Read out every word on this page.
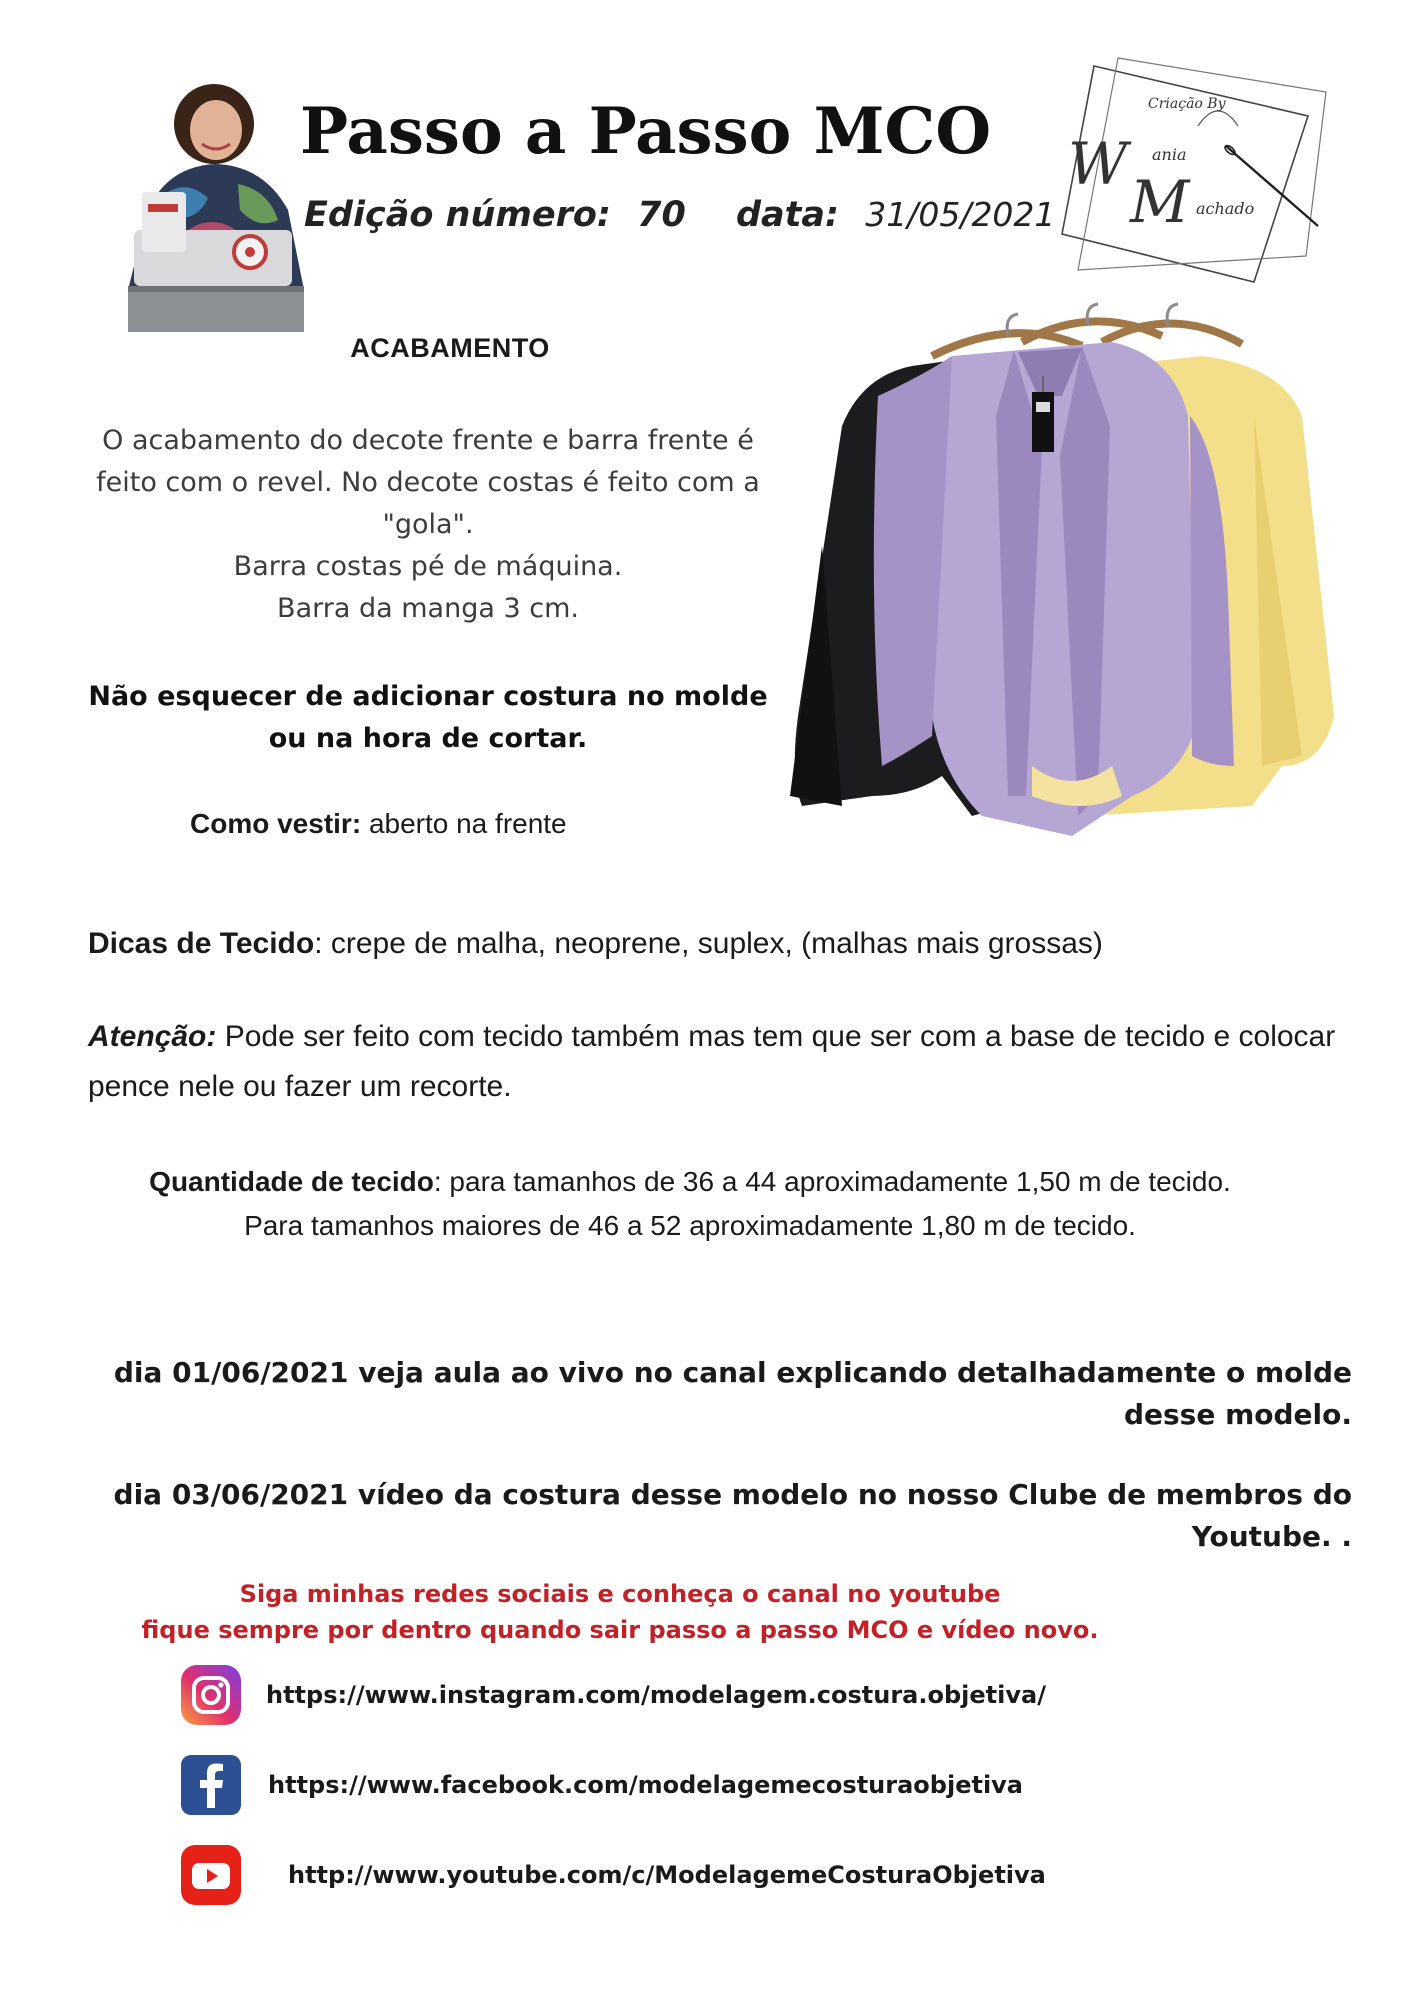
Passo a Passo MCO
Edição número: 70 data: 31/05/2021
Criação By
W ania
M achado
ACABAMENTO
O acabamento do decote frente e barra frente é
feito com o revel. No decote costas é feito com a
"gola".
Barra costas pé de máquina.
Barra da manga 3 cm.
Não esquecer de adicionar costura no molde
ou na hora de cortar.
Como vestir: aberto na frente
Dicas de Tecido: crepe de malha, neoprene, suplex, (malhas mais grossas)
Atenção: Pode ser feito com tecido também mas tem que ser com a base de tecido e colocar pence nele ou fazer um recorte.
Quantidade de tecido: para tamanhos de 36 a 44 aproximadamente 1,50 m de tecido.
Para tamanhos maiores de 46 a 52 aproximadamente 1,80 m de tecido.
dia 01/06/2021 veja aula ao vivo no canal explicando detalhadamente o molde
desse modelo.
dia 03/06/2021 vídeo da costura desse modelo no nosso Clube de membros do
Youtube. .
Siga minhas redes sociais e conheça o canal no youtube
fique sempre por dentro quando sair passo a passo MCO e vídeo novo.
https://www.instagram.com/modelagem.costura.objetiva/
https://www.facebook.com/modelagemecosturaobjetiva
http://www.youtube.com/c/ModelagemeCosturaObjetiva
